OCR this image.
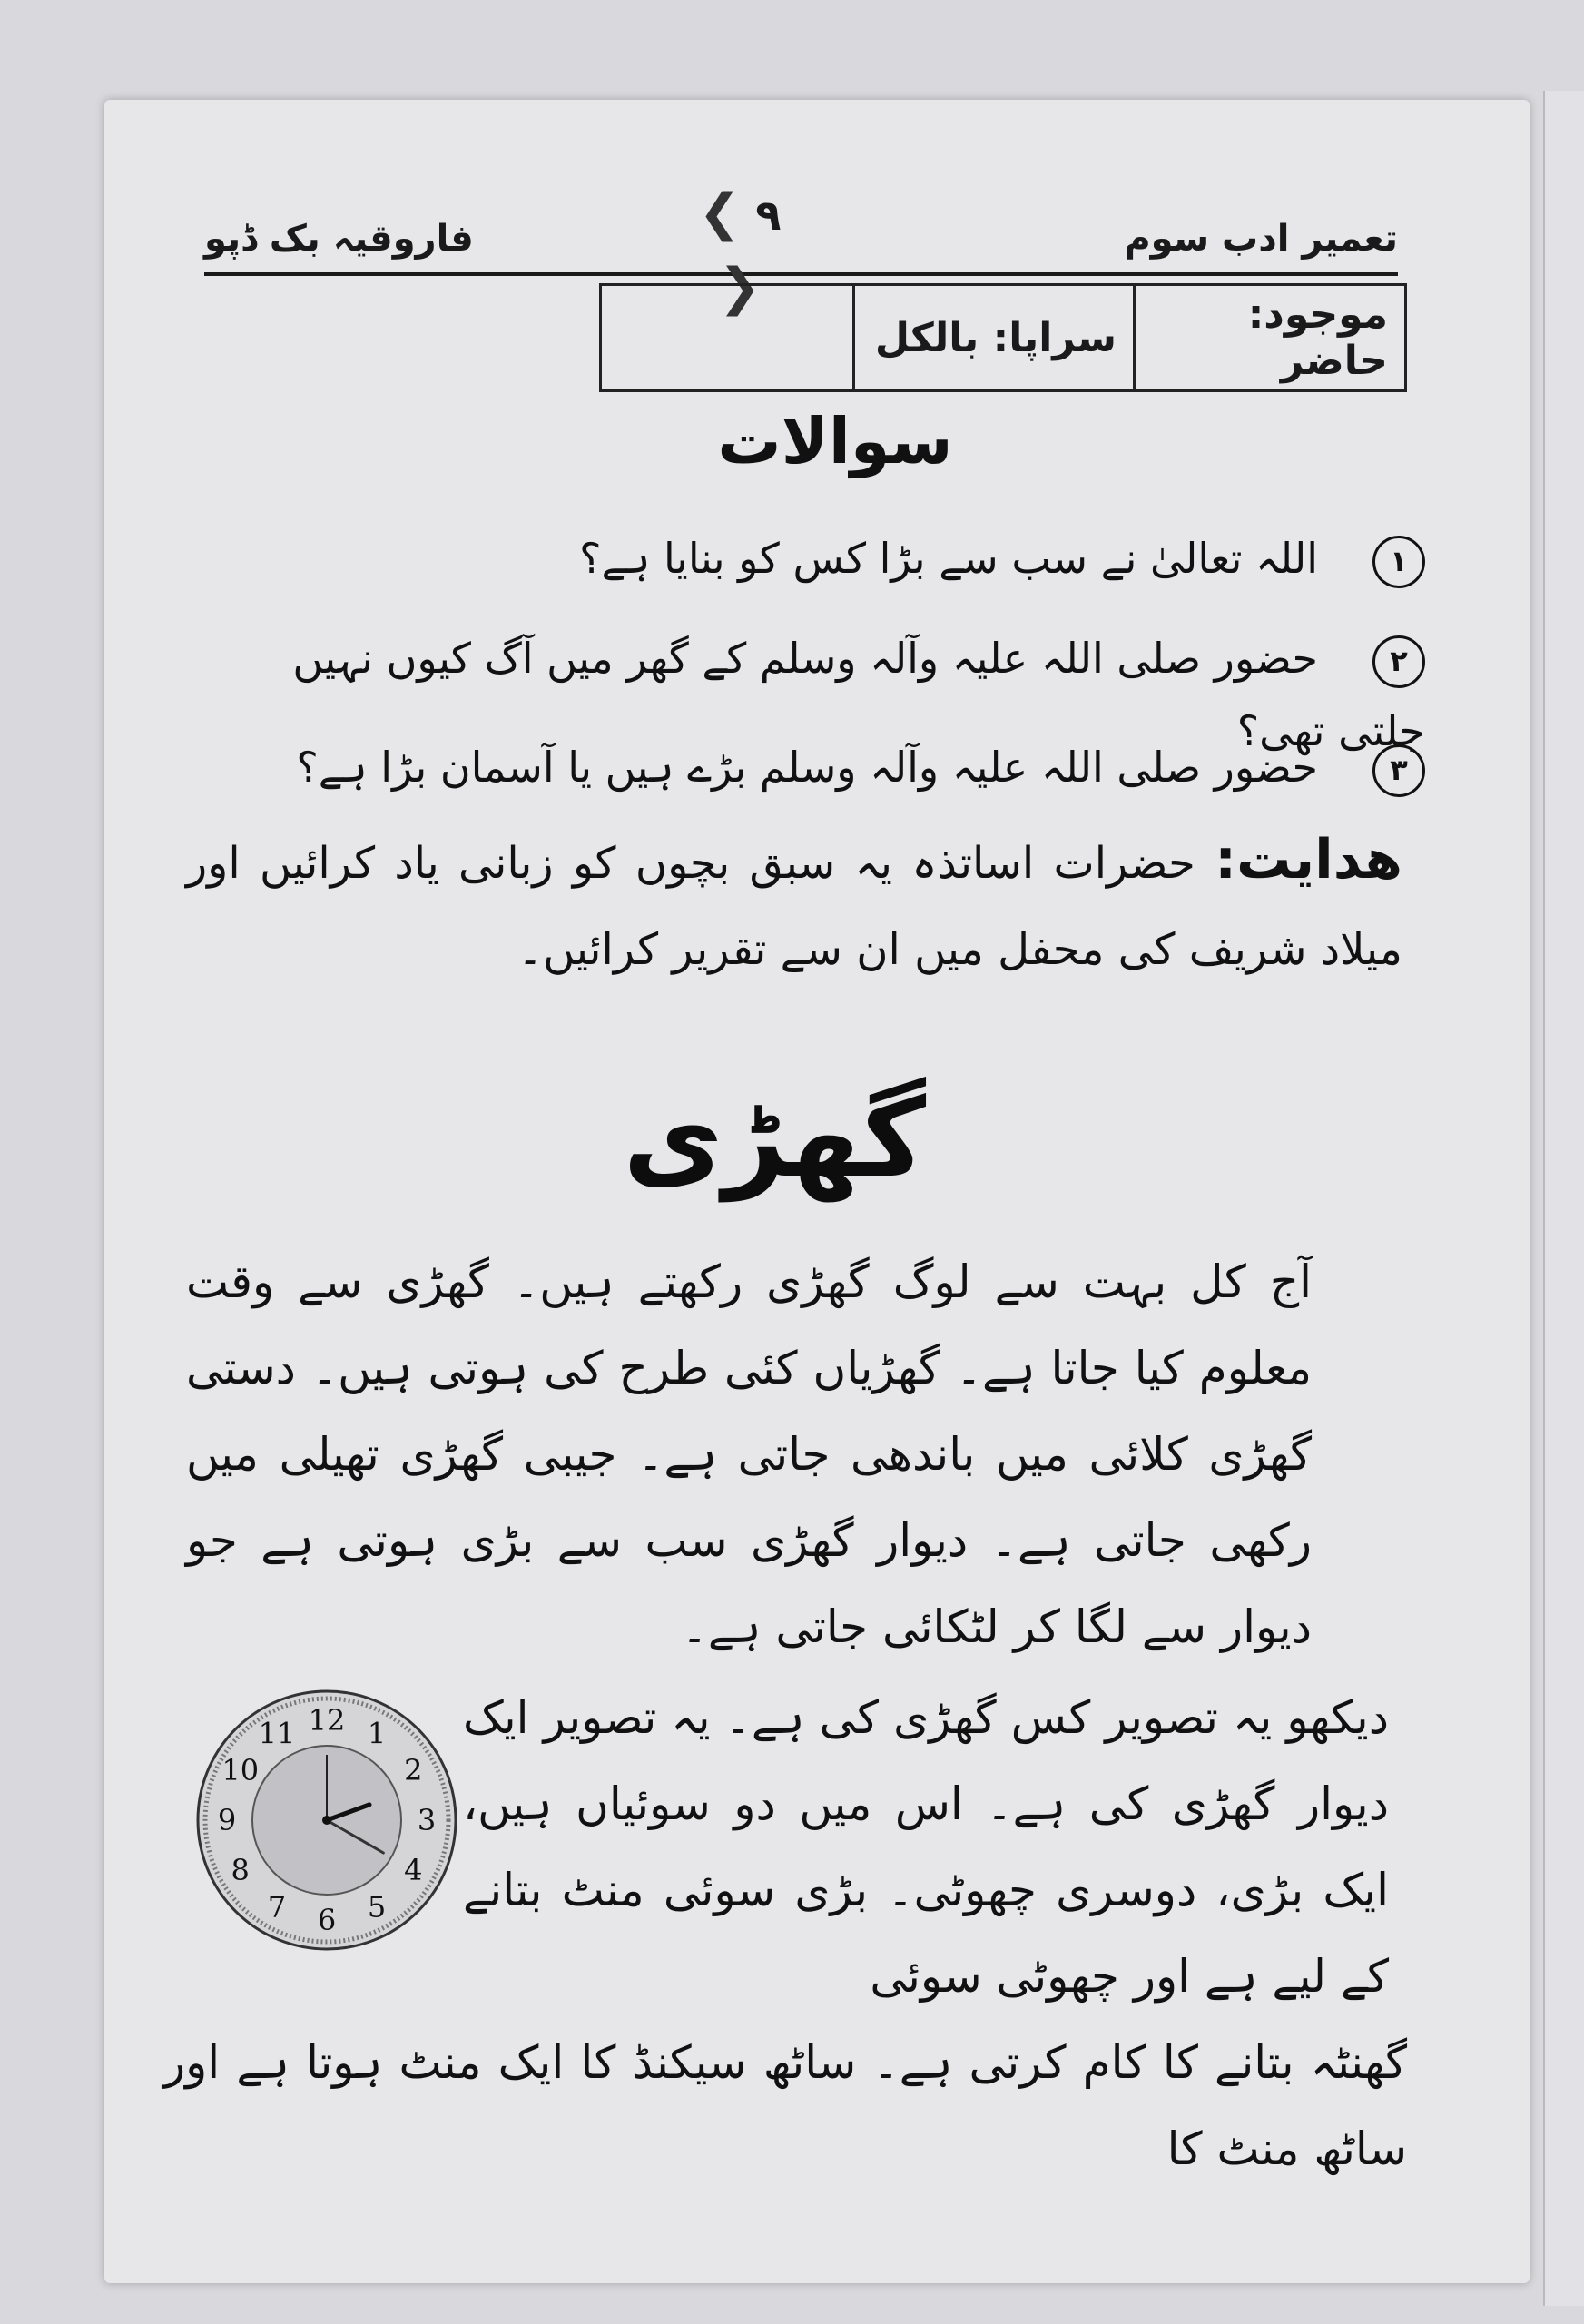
تعمیر ادب سوم
فاروقیہ بک ڈپو	❮ ۹ ❯	موجود: حاضر	سراپا: بالکل	
سوالات
۱اللہ تعالیٰ نے سب سے بڑا کس کو بنایا ہے؟
۲حضور صلی اللہ علیہ وآلہ وسلم کے گھر میں آگ کیوں نہیں جلتی تھی؟
۳حضور صلی اللہ علیہ وآلہ وسلم بڑے ہیں یا آسمان بڑا ہے؟
ھدایت: حضرات اساتذہ یہ سبق بچوں کو زبانی یاد کرائیں اور میلاد شریف کی محفل میں ان سے تقریر کرائیں۔
گھڑی
آج کل بہت سے لوگ گھڑی رکھتے ہیں۔ گھڑی سے وقت معلوم کیا جاتا ہے۔ گھڑیاں کئی طرح کی ہوتی ہیں۔ دستی گھڑی کلائی میں باندھی جاتی ہے۔ جیبی گھڑی تھیلی میں رکھی جاتی ہے۔ دیوار گھڑی سب سے بڑی ہوتی ہے جو دیوار سے لگا کر لٹکائی جاتی ہے۔
دیکھو یہ تصویر کس گھڑی کی ہے۔ یہ تصویر ایک دیوار گھڑی کی ہے۔ اس میں دو سوئیاں ہیں، ایک بڑی، دوسری چھوٹی۔ بڑی سوئی منٹ بتانے کے لیے ہے اور چھوٹی سوئی
12 1
2
3
4
5
6
7
8
9
10
11
گھنٹہ بتانے کا کام کرتی ہے۔ ساٹھ سیکنڈ کا ایک منٹ ہوتا ہے اور ساٹھ منٹ کا
